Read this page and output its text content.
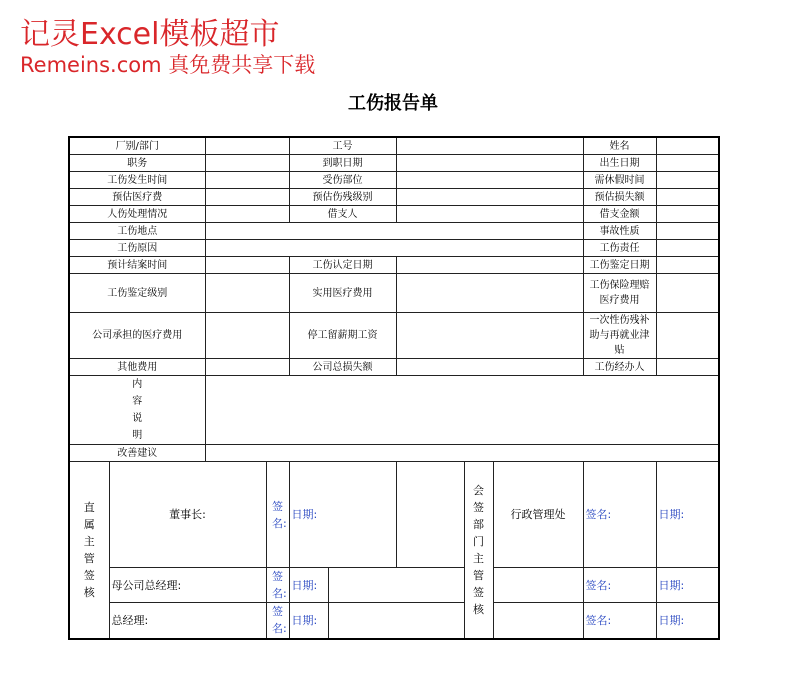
记灵Excel模板超市
Remeins.com 真免费共享下载
工伤报告单
厂别/部门				工号					姓名	
职务				到职日期					出生日期	
工伤发生时间				受伤部位					需休假时间	
预估医疗费				预估伤残级别					预估损失额	
人伤处理情况				借支人					借支金额	
工伤地点									事故性质	
工伤原因									工伤责任	
预计结案时间				工伤认定日期					工伤鉴定日期	
工伤鉴定级别				实用医疗费用					工伤保险理赔医疗费用	
公司承担的医疗费用				停工留薪期工资					一次性伤残补助与再就业津贴	
其他费用				公司总损失额					工伤经办人	

内容说明										

改善建议										

直属主管签核	董事长:		签名:	日期:			会签部门主管签核	行政管理处	签名:	日期:
	母公司总经理:		签名:	日期:					签名:	日期:
	总经理:		签名:	日期:					签名:	日期:
